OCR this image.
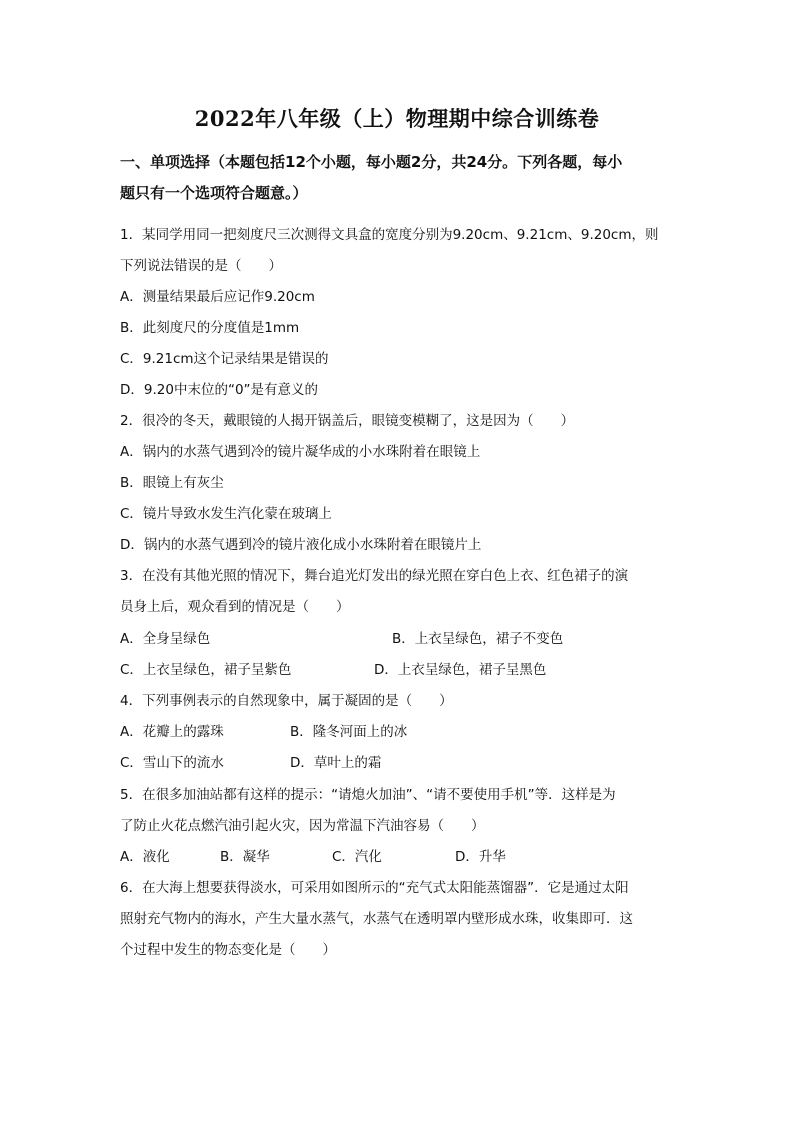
2022年八年级（上）物理期中综合训练卷
一、单项选择（本题包括12个小题，每小题2分，共24分。下列各题，每小
题只有一个选项符合题意。）
1．某同学用同一把刻度尺三次测得文具盒的宽度分别为9.20cm、9.21cm、9.20cm，则
下列说法错误的是（　　）
A．测量结果最后应记作9.20cm
B．此刻度尺的分度值是1mm
C．9.21cm这个记录结果是错误的
D．9.20中末位的“0”是有意义的
2．很冷的冬天，戴眼镜的人揭开锅盖后，眼镜变模糊了，这是因为（　　）
A．锅内的水蒸气遇到冷的镜片凝华成的小水珠附着在眼镜上
B．眼镜上有灰尘
C．镜片导致水发生汽化蒙在玻璃上
D．锅内的水蒸气遇到冷的镜片液化成小水珠附着在眼镜片上
3．在没有其他光照的情况下，舞台追光灯发出的绿光照在穿白色上衣、红色裙子的演
员身上后，观众看到的情况是（　　）
A．全身呈绿色	B．上衣呈绿色，裙子不变色
C．上衣呈绿色，裙子呈紫色	D．上衣呈绿色，裙子呈黑色
4．下列事例表示的自然现象中，属于凝固的是（　　）
A．花瓣上的露珠	B．隆冬河面上的冰
C．雪山下的流水	D．草叶上的霜
5．在很多加油站都有这样的提示：“请熄火加油”、“请不要使用手机”等．这样是为
了防止火花点燃汽油引起火灾，因为常温下汽油容易（　　）
A．液化	B．凝华	C．汽化	D．升华
6．在大海上想要获得淡水，可采用如图所示的“充气式太阳能蒸馏器”．它是通过太阳
照射充气物内的海水，产生大量水蒸气，水蒸气在透明罩内壁形成水珠，收集即可．这
个过程中发生的物态变化是（　　）
